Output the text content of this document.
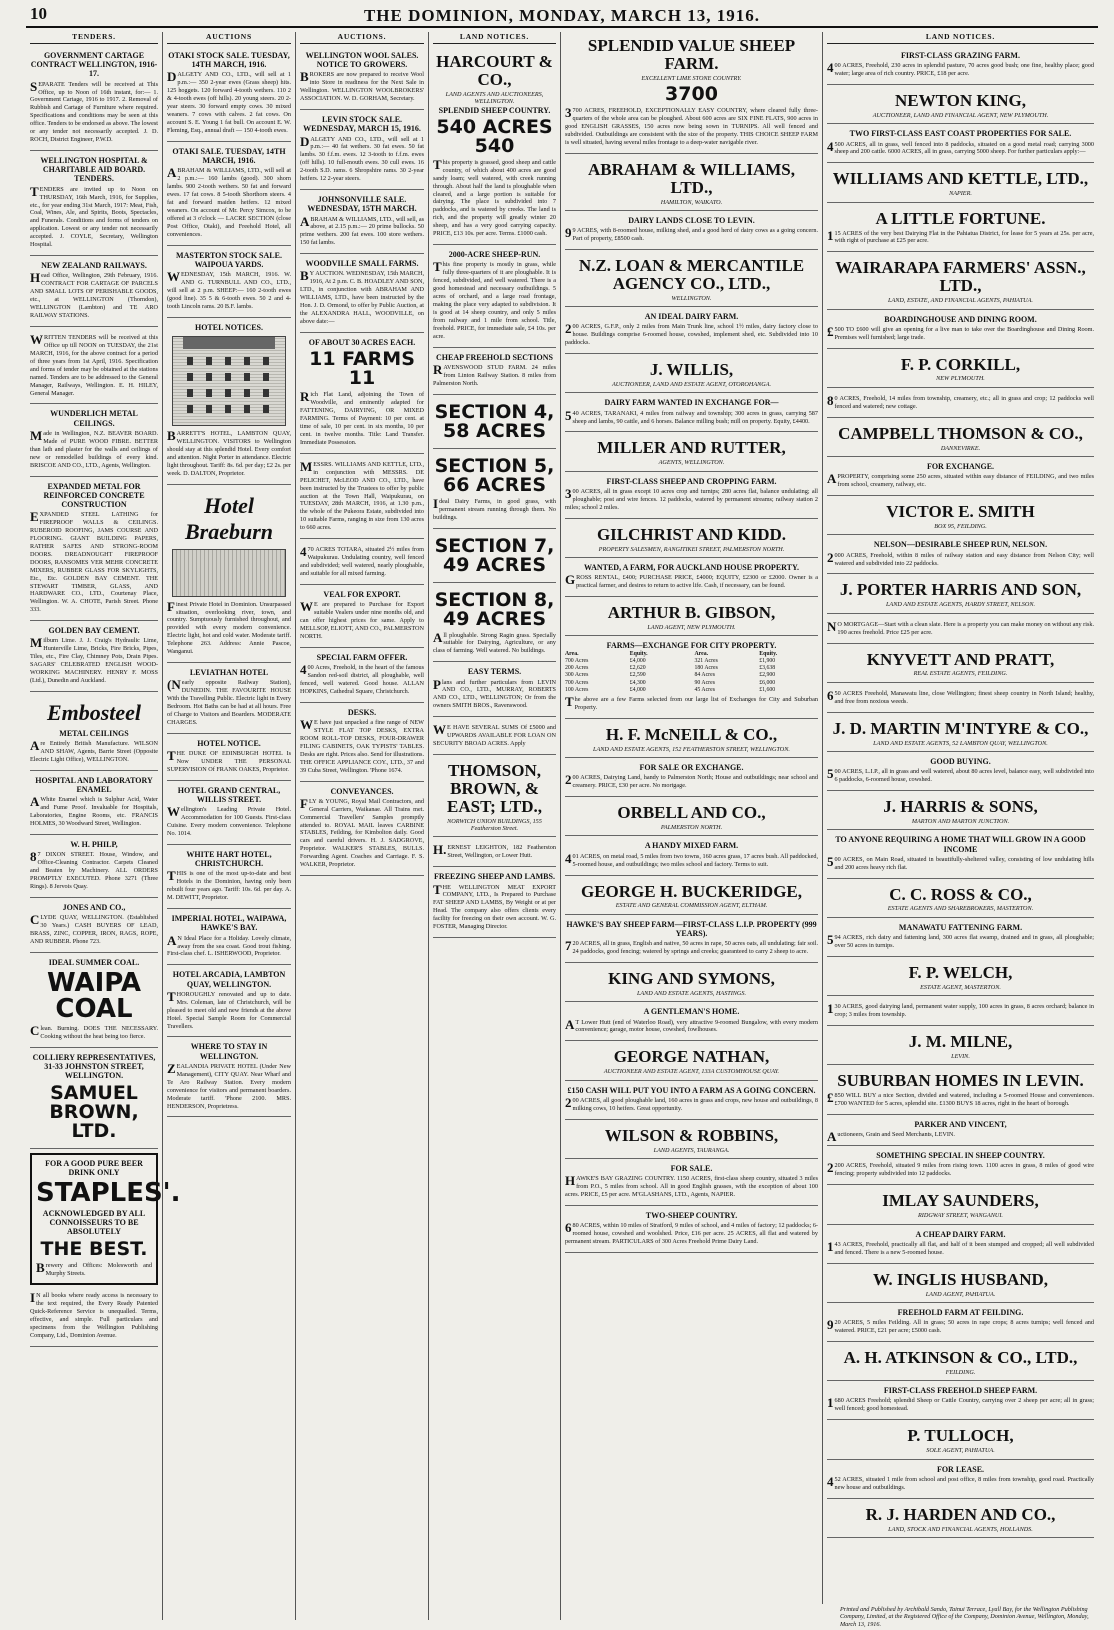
10	THE DOMINION, MONDAY, MARCH 13, 1916.
TENDERS.
GOVERNMENT CARTAGE CONTRACT WELLINGTON, 1916-17.
SEPARATE Tenders will be received at This Office, up to Noon of 16th instant, for:— 1. Government Cartage, 1916 to 1917. 2. Removal of Rubbish and Cartage of Furniture where required. Specifications and conditions may be seen at this office. Tenders to be endorsed as above. The lowest or any tender not necessarily accepted. J. D. ROCH, District Engineer, P.W.D.
WELLINGTON HOSPITAL & CHARITABLE AID BOARD. TENDERS.
TENDERS are invited up to Noon on THURSDAY, 16th March, 1916, for Supplies, etc., for year ending 31st March, 1917: Meat, Fish, Coal, Wines, Ale, and Spirits, Boots, Spectacles, and Funerals. Conditions and forms of tenders on application. Lowest or any tender not necessarily accepted. J. COYLE, Secretary, Wellington Hospital.
NEW ZEALAND RAILWAYS.
Head Office, Wellington, 29th February, 1916. CONTRACT FOR CARTAGE OF PARCELS AND SMALL LOTS OF PERISHABLE GOODS, etc., at WELLINGTON (Thorndon), WELLINGTON (Lambton) and TE ARO RAILWAY STATIONS.
WRITTEN TENDERS will be received at this Office up till NOON on TUESDAY, the 21st MARCH, 1916, for the above contract for a period of three years from 1st April, 1916. Specification and forms of tender may be obtained at the stations named. Tenders are to be addressed to the General Manager, Railways, Wellington. E. H. HILEY, General Manager.
WUNDERLICH METAL CEILINGS.
Made in Wellington, N.Z. BEAVER BOARD. Made of PURE WOOD FIBRE. BETTER than lath and plaster for the walls and ceilings of new or remodelled buildings of every kind. BRISCOE AND CO., LTD., Agents, Wellington.
EXPANDED METAL FOR REINFORCED CONCRETE CONSTRUCTION
EXPANDED STEEL LATHING for FIREPROOF WALLS & CEILINGS. RUBEROID ROOFING, JAMS COURSE AND FLOORING. GIANT BUILDING PAPERS, RATHER SAFES AND STRONG-ROOM DOORS. DREADNOUGHT FIREPROOF DOORS, RANSOMES VER MEHR CONCRETE MIXERS, RUBBER GLASS FOR SKYLIGHTS, Etc., Etc. GOLDEN BAY CEMENT. THE STEWART TIMBER, GLASS, AND HARDWARE CO., LTD., Courtenay Place, Wellington. W. A. CHOTE, Parish Street. Phone 333.
GOLDEN BAY CEMENT.
Milburn Lime. J. J. Craig's Hydraulic Lime, Hunterville Lime, Bricks, Fire Bricks, Pipes, Tiles, etc., Fire Clay, Chimney Pots, Drain Pipes. SAGARS' CELEBRATED ENGLISH WOOD-WORKING MACHINERY. HENRY F. MOSS (Ltd.), Dunedin and Auckland.
Embosteel
METAL CEILINGS
Are Entirely British Manufacture. WILSON AND SHAW, Agents, Barrie Street (Opposite Electric Light Office), WELLINGTON.
HOSPITAL AND LABORATORY ENAMEL
AWhite Enamel which is Sulphur Acid, Water and Fume Proof. Invaluable for Hospitals, Laboratories, Engine Rooms, etc. FRANCIS HOLMES, 30 Woodward Street, Wellington.
W. H. PHILP,
87 DIXON STREET. House, Window, and Office-Cleaning Contractor. Carpets Cleaned and Beaten by Machinery. ALL ORDERS PROMPTLY EXECUTED. Phone 3271 (Three Rings). 8 Jervois Quay.
JONES AND CO.,
CLYDE QUAY, WELLINGTON. (Established 30 Years.) CASH BUYERS OF LEAD, BRASS, ZINC, COPPER, IRON, RAGS, ROPE, AND RUBBER. Phone 723.
IDEAL SUMMER COAL.
WAIPA COAL
Clean. Burning. DOES THE NECESSARY. Cooking without the heat being too fierce.
COLLIERY REPRESENTATIVES, 31-33 JOHNSTON STREET, WELLINGTON.
SAMUEL BROWN, LTD.
FOR A GOOD PURE BEER DRINK ONLY
STAPLES'.
ACKNOWLEDGED BY ALL CONNOISSEURS TO BE ABSOLUTELY
THE BEST.
Brewery and Offices: Molesworth and Murphy Streets.
IN all books where ready access is necessary to the text required, the Every Ready Patented Quick-Reference Service is unequalled. Terms, effective, and simple. Full particulars and specimens from the Wellington Publishing Company, Ltd., Dominion Avenue.
AUCTIONS
OTAKI STOCK SALE. TUESDAY, 14TH MARCH, 1916.
DALGETY AND CO., LTD., will sell at 1 p.m.:— 350 2-year ewes (Grass sheep) hits. 125 hoggets. 120 forward 4-tooth wethers. 110 2 & 4-tooth ewes (off hills). 20 young steers. 20 2-year steers. 30 forward empty cows. 30 mixed weaners. 7 cows with calves. 2 fat cows. On account S. E. Young 1 fat bull. On account E. W. Fleming, Esq., annual draft — 150 4-tooth ewes.
OTAKI SALE. TUESDAY, 14TH MARCH, 1916.
ABRAHAM & WILLIAMS, LTD., will sell at 2 p.m.:— 160 lambs (good). 300 shorn lambs. 900 2-tooth wethers. 50 fat and forward ewes. 17 fat cows. 8 5-tooth Shorthorn steers. 4 fat and forward maiden heifers. 12 mixed weaners. On account of Mr. Percy Simcox, to be offered at 3 o'clock — LACRE SECTION (close Post Office, Otaki), and Freehold Hotel, all conveniences.
MASTERTON STOCK SALE. WAIPOUA YARDS.
WEDNESDAY, 15th MARCH, 1916. W. AND G. TURNBULL AND CO., LTD., will sell at 2 p.m. SHEEP:— 160 2-tooth ewes (good line). 35 5 & 6-tooth ewes. 50 2 and 4-tooth Lincoln rams. 20 B.F. lambs.
HOTEL NOTICES.
BARRETT'S HOTEL, LAMBTON QUAY, WELLINGTON. VISITORS to Wellington should stay at this splendid Hotel. Every comfort and attention. Night Porter in attendance. Electric light throughout. Tariff: 8s. 6d. per day; £2 2s. per week. D. DALTON, Proprietor.
Hotel Braeburn
Finest Private Hotel in Dominion. Unsurpassed situation, overlooking river, town, and country. Sumptuously furnished throughout, and provided with every modern convenience. Electric light, hot and cold water. Moderate tariff. Telephone 263. Address: Annie Pascoe, Wanganui.
LEVIATHAN HOTEL
(Nearly opposite Railway Station), DUNEDIN. THE FAVOURITE HOUSE With the Travelling Public. Electric light in Every Bedroom. Hot Baths can be had at all hours. Free of Charge to Visitors and Boarders. MODERATE CHARGES.
HOTEL NOTICE.
THE DUKE OF EDINBURGH HOTEL Is Now UNDER THE PERSONAL SUPERVISION Of FRANK OAKES, Proprietor.
HOTEL GRAND CENTRAL, WILLIS STREET.
Wellington's Leading Private Hotel. Accommodation for 100 Guests. First-class Cuisine. Every modern convenience. Telephone No. 1014.
WHITE HART HOTEL, CHRISTCHURCH.
THIS is one of the most up-to-date and best Hotels in the Dominion, having only been rebuilt four years ago. Tariff: 10s. 6d. per day. A. M. DEWITT, Proprietor.
IMPERIAL HOTEL, WAIPAWA, HAWKE'S BAY.
AN Ideal Place for a Holiday. Lovely climate, away from the sea coast. Good trout fishing. First-class chef. L. ISHERWOOD, Proprietor.
HOTEL ARCADIA, LAMBTON QUAY, WELLINGTON.
THOROUGHLY renovated and up to date. Mrs. Coleman, late of Christchurch, will be pleased to meet old and new friends at the above Hotel. Special Sample Room for Commercial Travellers.
WHERE TO STAY IN WELLINGTON.
ZEALANDIA PRIVATE HOTEL (Under New Management), CITY QUAY. Near Wharf and Te Aro Railway Station. Every modern convenience for visitors and permanent boarders. Moderate tariff. 'Phone 2100. MRS. HENDERSON, Proprietress.
AUCTIONS.
WELLINGTON WOOL SALES. NOTICE TO GROWERS.
BROKERS are now prepared to receive Wool into Store in readiness for the Next Sale in Wellington. WELLINGTON WOOLBROKERS' ASSOCIATION. W. D. GORHAM, Secretary.
LEVIN STOCK SALE. WEDNESDAY, MARCH 15, 1916.
DALGETY AND CO., LTD., will sell at 1 p.m.:— 40 fat wethers. 30 fat ewes. 50 fat lambs. 30 f.f.m. ewes. 12 3-tooth to f.f.m. ewes (off hills). 10 full-mouth ewes. 30 cull ewes. 16 2-tooth S.D. rams. 6 Shropshire rams. 30 2-year heifers. 12 2-year steers.
JOHNSONVILLE SALE. WEDNESDAY, 15TH MARCH.
ABRAHAM & WILLIAMS, LTD., will sell, as above, at 2.15 p.m.:— 20 prime bullocks. 50 prime wethers. 200 fat ewes. 100 store wethers. 150 fat lambs.
WOODVILLE SMALL FARMS.
BY AUCTION. WEDNESDAY, 15th MARCH, 1916, At 2 p.m. C. B. HOADLEY AND SON, LTD., in conjunction with ABRAHAM AND WILLIAMS, LTD., have been instructed by the Hon. J. D. Ormond, to offer by Public Auction, at the ALEXANDRA HALL, WOODVILLE, on above date:—
OF ABOUT 30 ACRES EACH.
11 FARMS 11
Rich Flat Land, adjoining the Town of Woodville, and eminently adapted for FATTENING, DAIRYING, OR MIXED FARMING. Terms of Payment: 10 per cent. at time of sale, 10 per cent. in six months, 10 per cent. in twelve months. Title: Land Transfer. Immediate Possession.
MESSRS. WILLIAMS AND KETTLE, LTD., in conjunction with MESSRS. DE PELICHET, McLEOD AND CO., LTD., have been instructed by the Trustees to offer by public auction at the Town Hall, Waipukurau, on TUESDAY, 28th MARCH, 1916, at 1.30 p.m., the whole of the Pukeora Estate, subdivided into 10 suitable Farms, ranging in size from 130 acres to 660 acres.
470 ACRES TOTARA, situated 2½ miles from Waipukurau. Undulating country, well fenced and subdivided; well watered, nearly ploughable, and suitable for all mixed farming.
VEAL FOR EXPORT.
WE are prepared to Purchase for Export suitable Vealers under nine months old, and can offer highest prices for same. Apply to MELLSOP, ELIOTT, AND CO., PALMERSTON NORTH.
SPECIAL FARM OFFER.
400 Acres, Freehold, in the heart of the famous Sandon red-soil district, all ploughable, well fenced, well watered. Good house. ALLAN HOPKINS, Cathedral Square, Christchurch.
DESKS.
WE have just unpacked a fine range of NEW STYLE FLAT TOP DESKS, EXTRA ROOM ROLL-TOP DESKS, FOUR-DRAWER FILING CABINETS, OAK TYPISTS' TABLES. Desks are right. Prices also. Send for illustrations. THE OFFICE APPLIANCE COY., LTD., 37 and 39 Cuba Street, Wellington. 'Phone 1674.
CONVEYANCES.
FLY & YOUNG, Royal Mail Contractors, and General Carriers, Waikanae. All Trains met. Commercial Travellers' Samples promptly attended to. ROYAL MAIL leaves CARBINE STABLES, Feilding, for Kimbolton daily. Good cars and careful drivers. H. J. SADGROVE, Proprietor. WALKER'S STABLES, BULLS. Forwarding Agent. Coaches and Carriage. F. S. WALKER, Proprietor.
LAND NOTICES.
HARCOURT & CO.,
LAND AGENTS AND AUCTIONEERS, WELLINGTON.
SPLENDID SHEEP COUNTRY.
540 ACRES 540
This property is grassed, good sheep and cattle country, of which about 400 acres are good sandy loam; well watered, with creek running through. About half the land is ploughable when cleared, and a large portion is suitable for dairying. The place is subdivided into 7 paddocks, and is watered by creeks. The land is rich, and the property will greatly winter 20 sheep, and has a very good carrying capacity. PRICE, £13 10s. per acre. Terms. £1000 cash.
2000-ACRE SHEEP-RUN.
This fine property is mostly in grass, while fully three-quarters of it are ploughable. It is fenced, subdivided, and well watered. There is a good homestead and necessary outbuildings. 5 acres of orchard, and a large road frontage, making the place very adapted to subdivision. It is good at 14 sheep country, and only 5 miles from railway and 1 mile from school. Title, freehold. PRICE, for immediate sale, £4 10s. per acre.
CHEAP FREEHOLD SECTIONS
RAVENSWOOD STUD FARM. 24 miles from Linton Railway Station. 8 miles from Palmerston North.
SECTION 4, 58 ACRES
SECTION 5, 66 ACRES
Ideal Dairy Farms, in good grass, with permanent stream running through them. No buildings.
SECTION 7, 49 ACRES
SECTION 8, 49 ACRES
All ploughable. Strong Ragin grass. Specially suitable for Dairying, Agriculture, or any class of farming. Well watered. No buildings.
EASY TERMS.
Plans and further particulars from LEVIN AND CO., LTD., MURRAY, ROBERTS AND CO., LTD., WELLINGTON; Or from the owners SMITH BROS., Ravenswood.
WE HAVE SEVERAL SUMS Of £5000 and UPWARDS AVAILABLE FOR LOAN ON SECURITY BROAD ACRES. Apply
THOMSON, BROWN, & EAST; LTD.,
NORWICH UNION BUILDINGS, 155 Featherston Street.
H.ERNEST LEIGHTON, 182 Featherston Street, Wellington, or Lower Hutt.
FREEZING SHEEP AND LAMBS.
THE WELLINGTON MEAT EXPORT COMPANY, LTD., Is Prepared to Purchase FAT SHEEP AND LAMBS, By Weight or at per Head. The company also offers clients every facility for freezing on their own account. W. G. FOSTER, Managing Director.
SPLENDID VALUE SHEEP FARM.
EXCELLENT LIME STONE COUNTRY.
3700
3700 ACRES, FREEHOLD, EXCEPTIONALLY EASY COUNTRY, where cleared fully three-quarters of the whole area can be ploughed. About 600 acres are SIX FINE FLATS, 900 acres in good ENGLISH GRASSES, 150 acres now being sown in TURNIPS. All well fenced and subdivided. Outbuildings are consistent with the size of the property. THIS CHOICE SHEEP FARM is well situated, having several miles frontage to a deep-water navigable river.
ABRAHAM & WILLIAMS, LTD.,
HAMILTON, WAIKATO.
DAIRY LANDS CLOSE TO LEVIN.
99 ACRES, with 8-roomed house, milking shed, and a good herd of dairy cows as a going concern. Part of property, £8500 cash.
N.Z. LOAN & MERCANTILE AGENCY CO., LTD.,
WELLINGTON.
AN IDEAL DAIRY FARM.
200 ACRES, G.F.P., only 2 miles from Main Trunk line, school 1½ miles, dairy factory close to house. Buildings comprise 6-roomed house, cowshed, implement shed, etc. Subdivided into 10 paddocks.
J. WILLIS,
AUCTIONEER, LAND AND ESTATE AGENT, OTOROHANGA.
DAIRY FARM WANTED IN EXCHANGE FOR—
540 ACRES, TARANAKI, 4 miles from railway and township; 300 acres in grass, carrying 587 sheep and lambs, 90 cattle, and 6 horses. Balance milling bush; mill on property. Equity, £4400.
MILLER AND RUTTER,
AGENTS, WELLINGTON.
FIRST-CLASS SHEEP AND CROPPING FARM.
300 ACRES, all in grass except 10 acres crop and turnips; 280 acres flat, balance undulating; all ploughable; post and wire fences. 12 paddocks, watered by permanent streams; railway station 2 miles; school 2 miles.
GILCHRIST AND KIDD.
PROPERTY SALESMEN, RANGITIKEI STREET, PALMERSTON NORTH.
WANTED, A FARM, FOR AUCKLAND HOUSE PROPERTY.
GROSS RENTAL, £400; PURCHASE PRICE, £4000; EQUITY, £2300 or £2000. Owner is a practical farmer, and desires to return to active life. Cash, if necessary, can be found.
ARTHUR B. GIBSON,
LAND AGENT, NEW PLYMOUTH.
FARMS—EXCHANGE FOR CITY PROPERTY.
Area.	Equity.	Area.	Equity.
700 Acres	£4,000	321 Acres	£1,900
200 Acres	£2,620	180 Acres	£3,638
300 Acres	£2,590	84 Acres	£2,900
700 Acres	£4,300	90 Acres	£6,000
100 Acres	£4,000	45 Acres	£1,600
The above are a few Farms selected from our large list of Exchanges for City and Suburban Property.
H. F. McNEILL & CO.,
LAND AND ESTATE AGENTS, 152 FEATHERSTON STREET, WELLINGTON.
FOR SALE OR EXCHANGE.
200 ACRES, Dairying Land, handy to Palmerston North; House and outbuildings; near school and creamery. PRICE, £30 per acre. No mortgage.
ORBELL AND CO.,
PALMERSTON NORTH.
A HANDY MIXED FARM.
401 ACRES, on metal road, 5 miles from two towns, 160 acres grass, 17 acres bush. All paddocked, 5-roomed house, and outbuildings; two miles school and factory. Terms to suit.
GEORGE H. BUCKERIDGE,
ESTATE AND GENERAL COMMISSION AGENT, ELTHAM.
HAWKE'S BAY SHEEP FARM—FIRST-CLASS L.I.P. PROPERTY (999 YEARS).
720 ACRES, all in grass, English and native, 50 acres in rape, 50 acres oats, all undulating; fair soil. 24 paddocks, good fencing; watered by springs and creeks; guaranteed to carry 2 sheep to acre.
KING AND SYMONS,
LAND AND ESTATE AGENTS, HASTINGS.
A GENTLEMAN'S HOME.
AT Lower Hutt (end of Waterloo Road), very attractive 9-roomed Bungalow, with every modern convenience; garage, motor house, cowshed, fowlhouses.
GEORGE NATHAN,
AUCTIONEER AND ESTATE AGENT, 133A CUSTOMHOUSE QUAY.
£150 CASH WILL PUT YOU INTO A FARM AS A GOING CONCERN.
200 ACRES, all good ploughable land, 160 acres in grass and crops, new house and outbuildings, 8 milking cows, 10 heifers. Great opportunity.
WILSON & ROBBINS,
LAND AGENTS, TAURANGA.
FOR SALE.
HAWKE'S BAY GRAZING COUNTRY. 1150 ACRES, first-class sheep country, situated 3 miles from P.O., 5 miles from school. All in good English grasses, with the exception of about 100 acres. PRICE, £5 per acre. M'GLASHANS, LTD., Agents, NAPIER.
TWO-SHEEP COUNTRY.
680 ACRES, within 10 miles of Stratford, 9 miles of school, and 4 miles of factory; 12 paddocks; 6-roomed house, cowshed and woolshed. Price, £16 per acre. 25 ACRES, all flat and watered by permanent stream. PARTICULARS of 300 Acres Freehold Prime Dairy Land.
LAND NOTICES.
FIRST-CLASS GRAZING FARM.
400 ACRES, Freehold, 230 acres in splendid pasture, 70 acres good bush; one fine, healthy place; good water; large area of rich country. PRICE, £18 per acre.
NEWTON KING,
AUCTIONEER, LAND AND FINANCIAL AGENT, NEW PLYMOUTH.
TWO FIRST-CLASS EAST COAST PROPERTIES FOR SALE.
4500 ACRES, all in grass, well fenced into 8 paddocks, situated on a good metal road; carrying 3000 sheep and 200 cattle. 6000 ACRES, all in grass, carrying 5000 sheep. For further particulars apply:—
WILLIAMS AND KETTLE, LTD.,
NAPIER.
A LITTLE FORTUNE.
115 ACRES of the very best Dairying Flat in the Pahiatua District, for lease for 5 years at 25s. per acre, with right of purchase at £25 per acre.
WAIRARAPA FARMERS' ASSN., LTD.,
LAND, ESTATE, AND FINANCIAL AGENTS, PAHIATUA.
BOARDINGHOUSE AND DINING ROOM.
£500 TO £600 will give an opening for a live man to take over the Boardinghouse and Dining Room. Premises well furnished; large trade.
F. P. CORKILL,
NEW PLYMOUTH.
80 ACRES, Freehold, 14 miles from township, creamery, etc.; all in grass and crop; 12 paddocks well fenced and watered; new cottage.
CAMPBELL THOMSON & CO.,
DANNEVIRKE.
FOR EXCHANGE.
APROPERTY, comprising some 250 acres, situated within easy distance of FEILDING, and two miles from school, creamery, railway, etc.
VICTOR E. SMITH
BOX 95, FEILDING.
NELSON—DESIRABLE SHEEP RUN, NELSON.
2000 ACRES, Freehold, within 8 miles of railway station and easy distance from Nelson City; well watered and subdivided into 22 paddocks.
J. PORTER HARRIS AND SON,
LAND AND ESTATE AGENTS, HARDY STREET, NELSON.
NO MORTGAGE—Start with a clean slate. Here is a property you can make money on without any risk. 190 acres freehold. Price £25 per acre.
KNYVETT AND PRATT,
REAL ESTATE AGENTS, FEILDING.
650 ACRES Freehold, Manawatu line, close Wellington; finest sheep country in North Island; healthy, and free from noxious weeds.
J. D. MARTIN M'INTYRE & CO.,
LAND AND ESTATE AGENTS, 52 LAMBTON QUAY, WELLINGTON.
GOOD BUYING.
500 ACRES, L.I.P., all in grass and well watered, about 80 acres level, balance easy, well subdivided into 6 paddocks, 6-roomed house, cowshed.
J. HARRIS & SONS,
MARTON AND MARTON JUNCTION.
TO ANYONE REQUIRING A HOME THAT WILL GROW IN A GOOD INCOME
500 ACRES, on Main Road, situated in beautifully-sheltered valley, consisting of low undulating hills and 200 acres heavy rich flat.
C. C. ROSS & CO.,
ESTATE AGENTS AND SHAREBROKERS, MASTERTON.
MANAWATU FATTENING FARM.
594 ACRES, rich dairy and fattening land, 300 acres flat swamp, drained and in grass, all ploughable; over 50 acres in turnips.
F. P. WELCH,
ESTATE AGENT, MASTERTON.
130 ACRES, good dairying land, permanent water supply, 100 acres in grass, 8 acres orchard; balance in crop; 3 miles from township.
J. M. MILNE,
LEVIN.
SUBURBAN HOMES IN LEVIN.
£850 WILL BUY a nice Section, divided and watered, including a 5-roomed House and conveniences. £700 WANTED for 5 acres, splendid site. £1300 BUYS 18 acres, right in the heart of borough.
PARKER AND VINCENT,
Auctioneers, Grain and Seed Merchants, LEVIN.
SOMETHING SPECIAL IN SHEEP COUNTRY.
2200 ACRES, Freehold, situated 9 miles from rising town. 1100 acres in grass, 8 miles of good wire fencing; property subdivided into 12 paddocks.
IMLAY SAUNDERS,
RIDGWAY STREET, WANGANUI.
A CHEAP DAIRY FARM.
143 ACRES, Freehold, practically all flat, and half of it been stumped and cropped; all well subdivided and fenced. There is a new 5-roomed house.
W. INGLIS HUSBAND,
LAND AGENT, PAHIATUA.
FREEHOLD FARM AT FEILDING.
920 ACRES, 5 miles Feilding. All in grass; 50 acres in rape crops; 8 acres turnips; well fenced and watered. PRICE, £21 per acre; £5000 cash.
A. H. ATKINSON & CO., LTD.,
FEILDING.
FIRST-CLASS FREEHOLD SHEEP FARM.
1680 ACRES Freehold; splendid Sheep or Cattle Country, carrying over 2 sheep per acre; all in grass; well fenced; good homestead.
P. TULLOCH,
SOLE AGENT, PAHIATUA.
FOR LEASE.
452 ACRES, situated 1 mile from school and post office, 8 miles from township, good road. Practically new house and outbuildings.
R. J. HARDEN AND CO.,
LAND, STOCK AND FINANCIAL AGENTS, HOLLANDS.
Printed and Published by Archibald Sando, Tainui Terrace, Lyall Bay, for the Wellington Publishing Company, Limited, at the Registered Office of the Company, Dominion Avenue, Wellington, Monday, March 13, 1916.
